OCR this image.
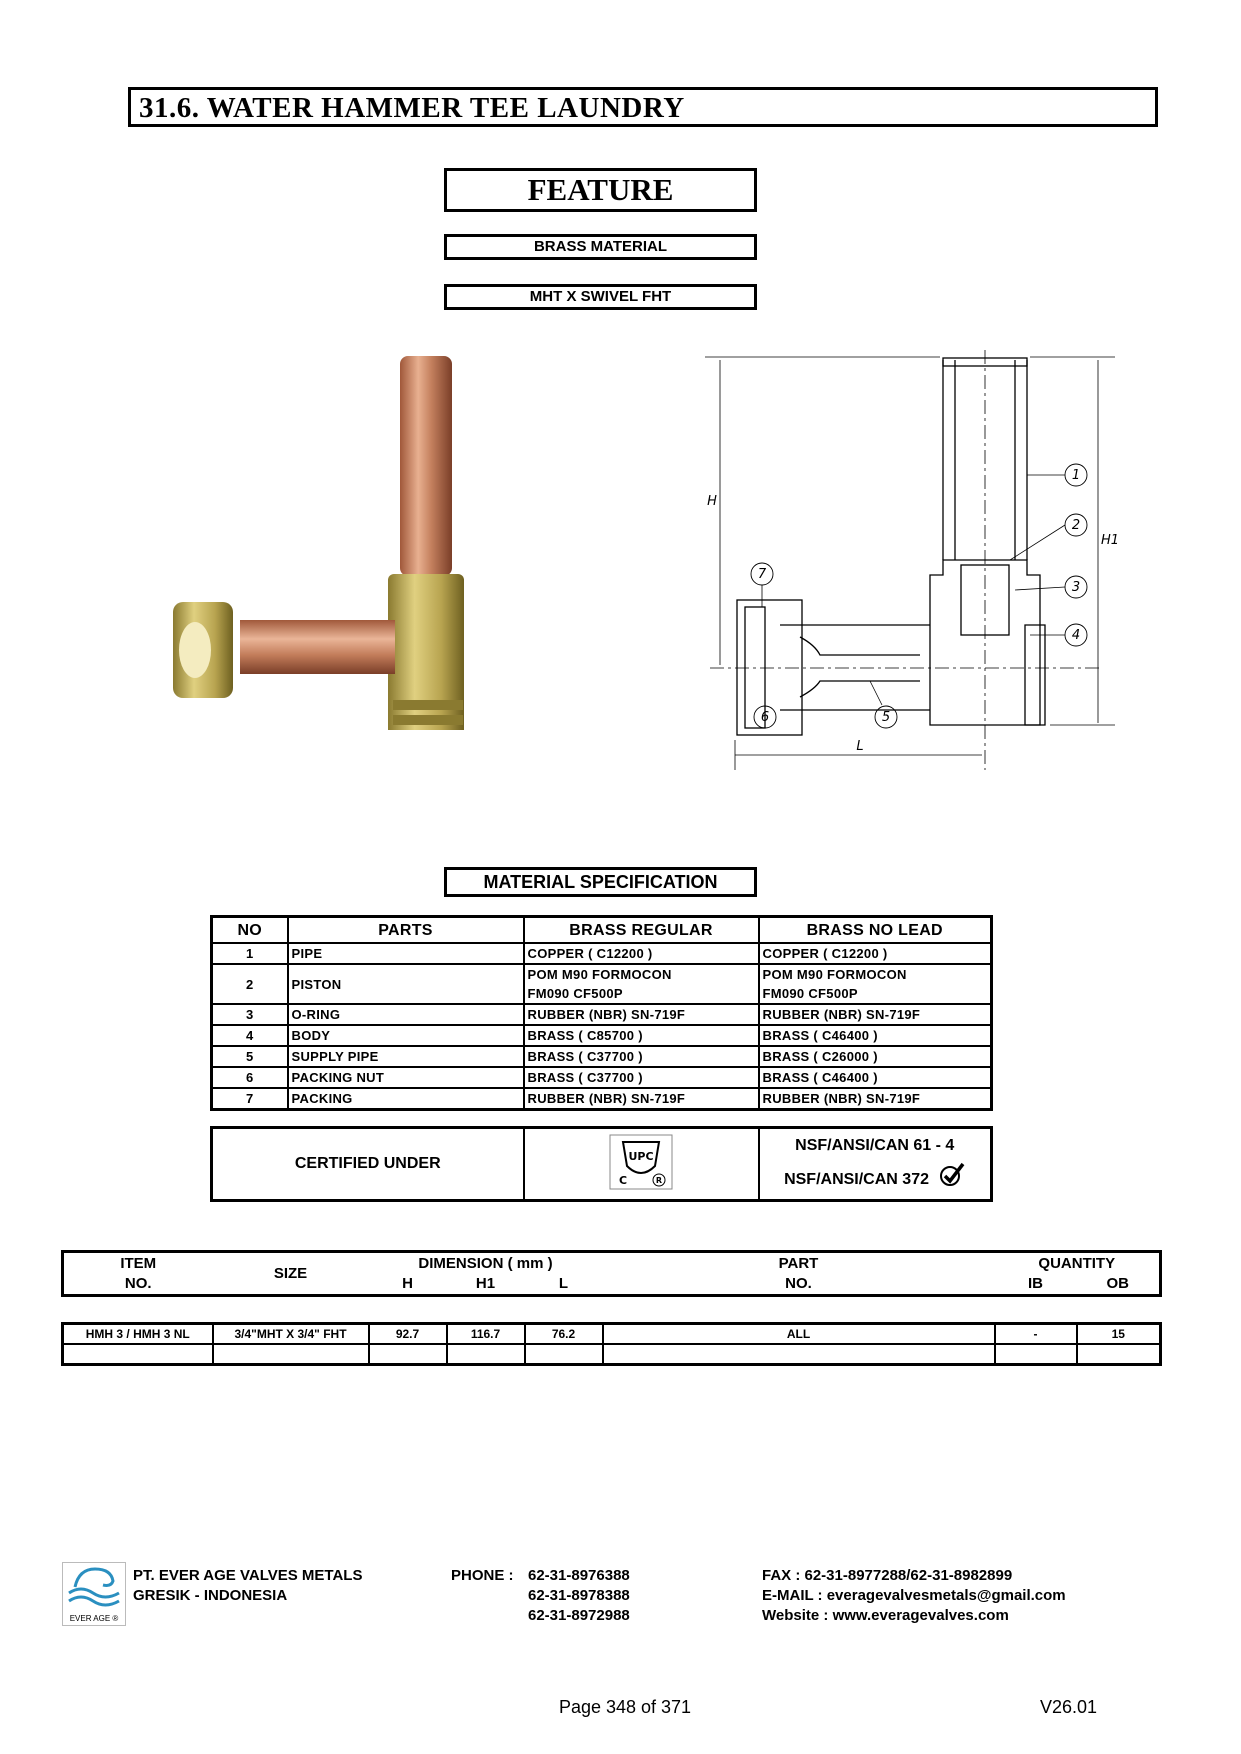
31.6. WATER HAMMER TEE LAUNDRY
FEATURE
BRASS MATERIAL
MHT X SWIVEL FHT
H
H1
L
1
2
3
4
5
6
7
MATERIAL SPECIFICATION
NO	PARTS	BRASS REGULAR	BRASS NO LEAD
1	PIPE	COPPER ( C12200 )	COPPER ( C12200 )
2	PISTON	POM M90 FORMOCON	POM M90 FORMOCON
		FM090 CF500P	FM090 CF500P
3	O-RING	RUBBER (NBR) SN-719F	RUBBER (NBR) SN-719F
4	BODY	BRASS ( C85700 )	BRASS ( C46400 )
5	SUPPLY PIPE	BRASS ( C37700 )	BRASS ( C26000 )
6	PACKING NUT	BRASS ( C37700 )	BRASS ( C46400 )
7	PACKING	RUBBER (NBR) SN-719F	RUBBER (NBR) SN-719F
CERTIFIED UNDER	UPC
C	R

NSF/ANSI/CAN 61 - 4
NSF/ANSI/CAN 372
ITEM	SIZE	DIMENSION ( mm )			PART	QUANTITY	
NO.		H	H1	L	NO.	IB	OB
HMH 3 / HMH 3 NL	3/4"MHT X 3/4" FHT	92.7	116.7	76.2	ALL	-	15

EVER AGE ®
PT. EVER AGE VALVES METALS
GRESIK - INDONESIA
PHONE : 62-31-8976388
62-31-8978388
62-31-8972988
FAX : 62-31-8977288/62-31-8982899
E-MAIL : everagevalvesmetals@gmail.com
Website : www.everagevalves.com
Page 348 of 371	V26.01
